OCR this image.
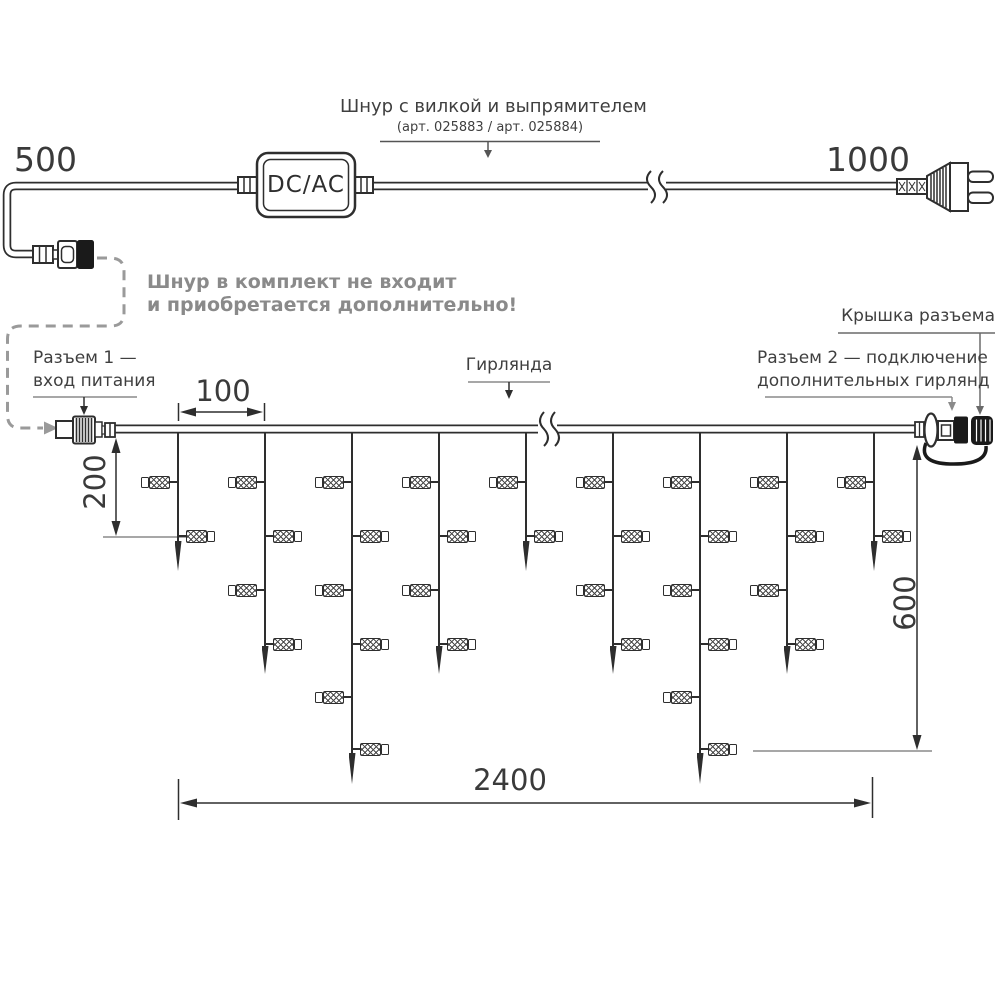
500	1000
Шнур с вилкой и выпрямителем
(арт. 025883 / арт. 025884)
Шнур в комплект не входит
и приобретается дополнительно!
Разъем 1 —
вход питания 100
200
Гирлянда
Крышка разъема
Разъем 2 — подключение
дополнительных гирлянд
600
2400
DC/AC
